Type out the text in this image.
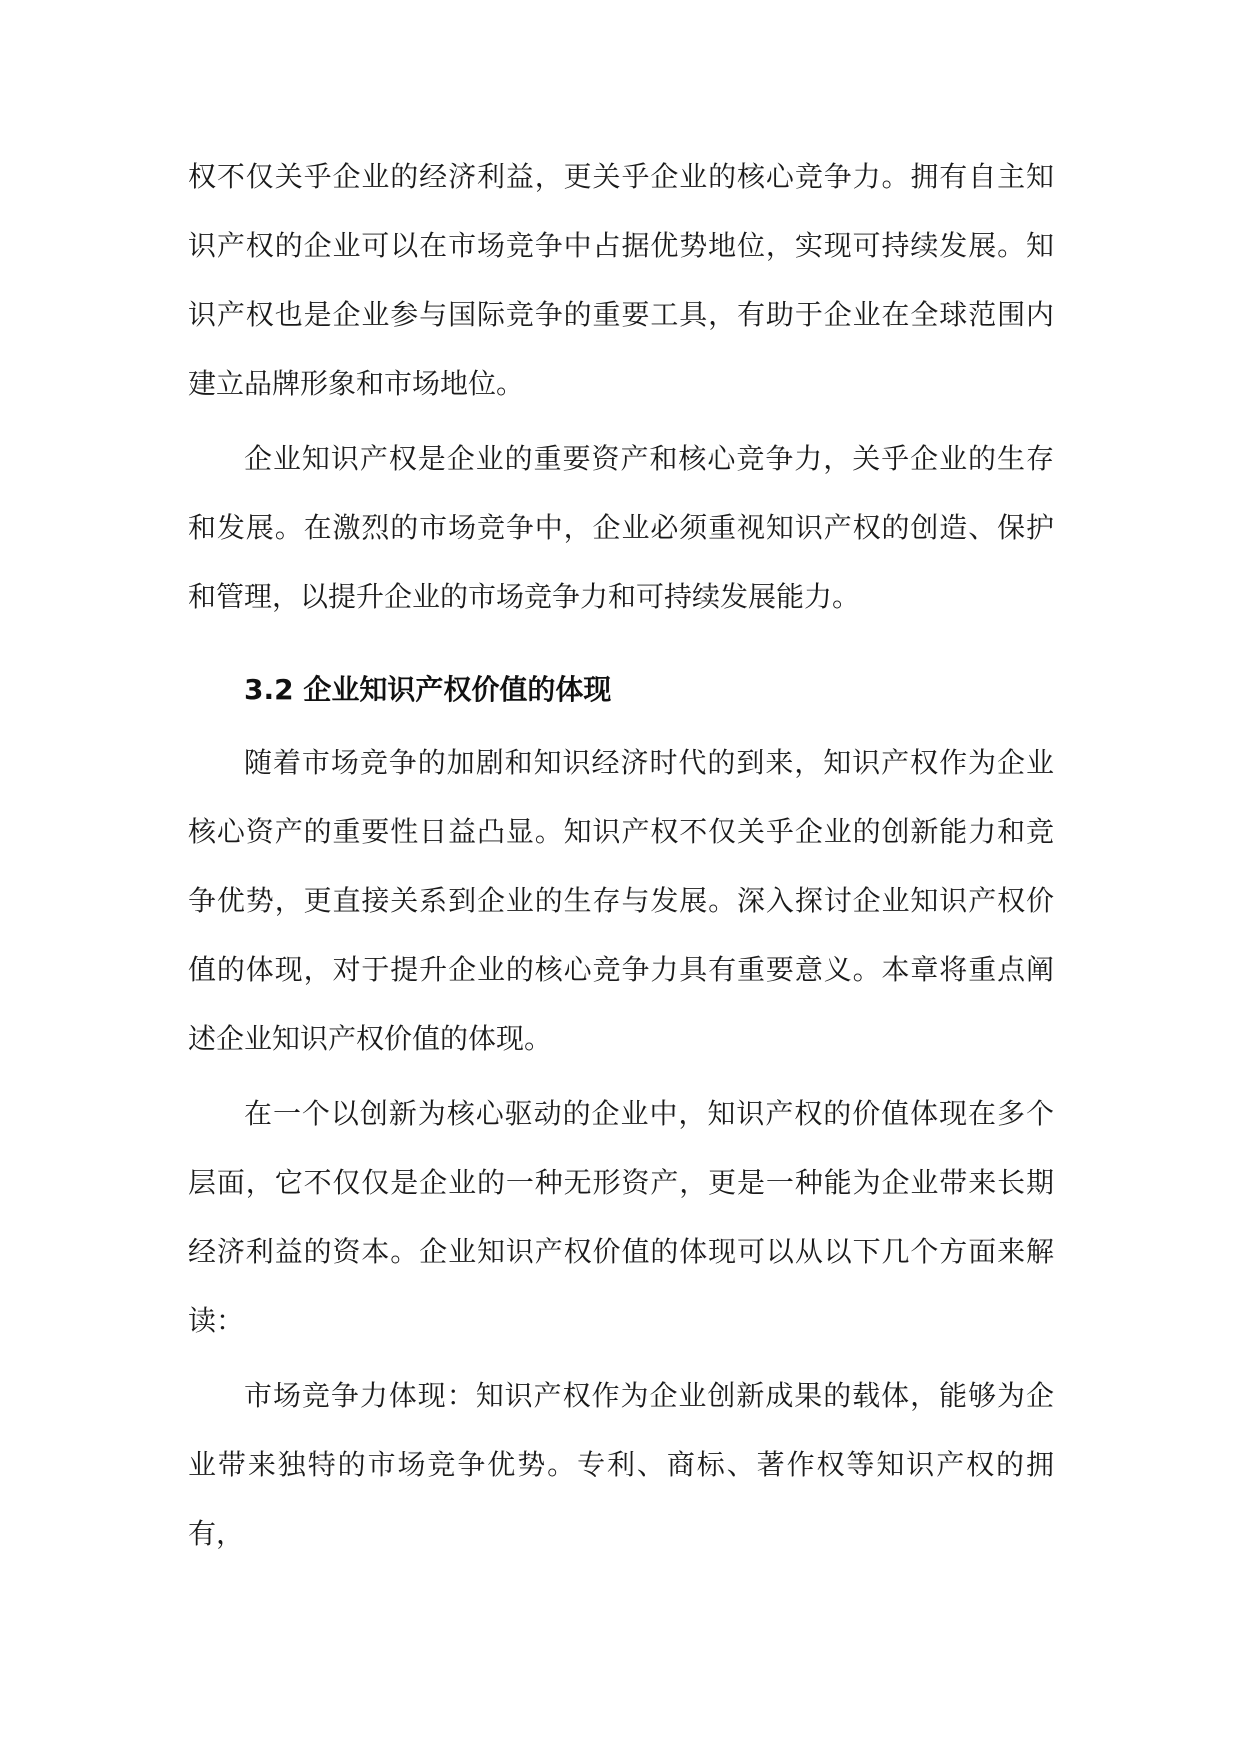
权不仅关乎企业的经济利益，更关乎企业的核心竞争力。拥有自主知识产权的企业可以在市场竞争中占据优势地位，实现可持续发展。知识产权也是企业参与国际竞争的重要工具，有助于企业在全球范围内建立品牌形象和市场地位。

企业知识产权是企业的重要资产和核心竞争力，关乎企业的生存和发展。在激烈的市场竞争中，企业必须重视知识产权的创造、保护和管理，以提升企业的市场竞争力和可持续发展能力。

3.2 企业知识产权价值的体现

随着市场竞争的加剧和知识经济时代的到来，知识产权作为企业核心资产的重要性日益凸显。知识产权不仅关乎企业的创新能力和竞争优势，更直接关系到企业的生存与发展。深入探讨企业知识产权价值的体现，对于提升企业的核心竞争力具有重要意义。本章将重点阐述企业知识产权价值的体现。

在一个以创新为核心驱动的企业中，知识产权的价值体现在多个层面，它不仅仅是企业的一种无形资产，更是一种能为企业带来长期经济利益的资本。企业知识产权价值的体现可以从以下几个方面来解读：

市场竞争力体现：知识产权作为企业创新成果的载体，能够为企业带来独特的市场竞争优势。专利、商标、著作权等知识产权的拥有，
